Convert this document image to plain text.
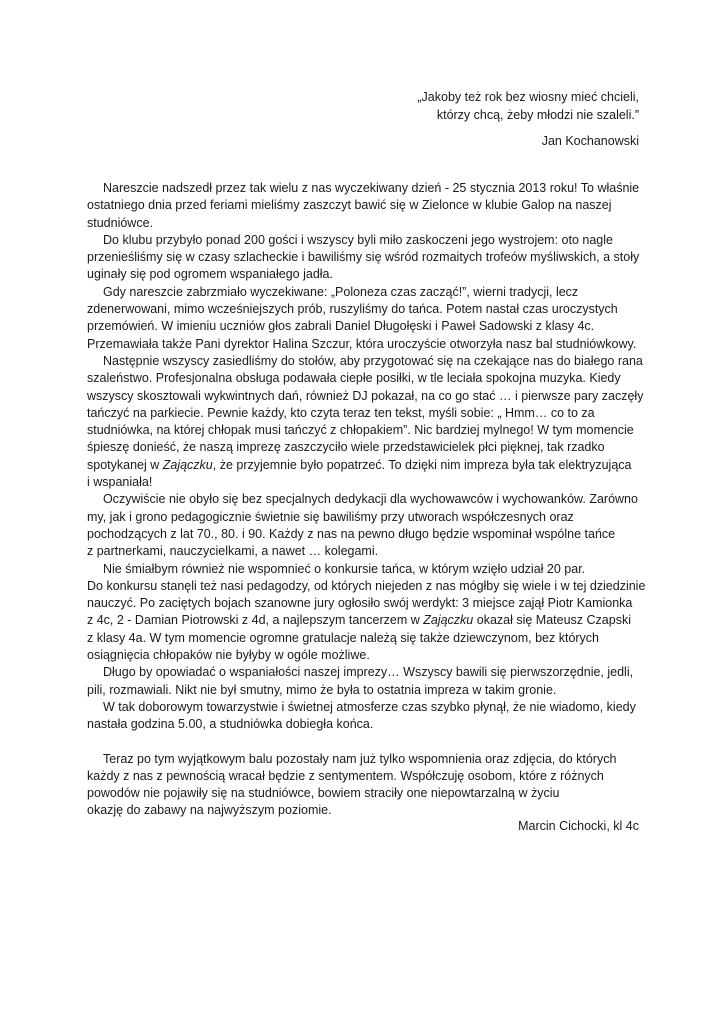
„Jakoby też rok bez wiosny mieć chcieli,
którzy chcą, żeby młodzi nie szaleli.”
Jan Kochanowski
Nareszcie nadszedł przez tak wielu z nas wyczekiwany dzień - 25 stycznia 2013 roku! To właśnie
ostatniego dnia przed feriami mieliśmy zaszczyt bawić się w Zielonce w klubie Galop na naszej
studniówce.
Do klubu przybyło ponad 200 gości i wszyscy byli miło zaskoczeni jego wystrojem: oto nagle
przenieśliśmy się w czasy szlacheckie i bawiliśmy się wśród rozmaitych trofeów myśliwskich, a stoły
uginały się pod ogromem wspaniałego jadła.
Gdy nareszcie zabrzmiało wyczekiwane: „Poloneza czas zacząć!”, wierni tradycji, lecz
zdenerwowani, mimo wcześniejszych prób, ruszyliśmy do tańca. Potem nastał czas uroczystych
przemówień. W imieniu uczniów głos zabrali Daniel Długołęski i Paweł Sadowski z klasy 4c.
Przemawiała także Pani dyrektor Halina Szczur, która uroczyście otworzyła nasz bal studniówkowy.
Następnie wszyscy zasiedliśmy do stołów, aby przygotować się na czekające nas do białego rana
szaleństwo. Profesjonalna obsługa podawała ciepłe posiłki, w tle leciała spokojna muzyka. Kiedy
wszyscy skosztowali wykwintnych dań, również DJ pokazał, na co go stać … i pierwsze pary zaczęły
tańczyć na parkiecie. Pewnie każdy, kto czyta teraz ten tekst, myśli sobie: „ Hmm… co to za
studniówka, na której chłopak musi tańczyć z chłopakiem”. Nic bardziej mylnego! W tym momencie
śpieszę donieść, że naszą imprezę zaszczyciło wiele przedstawicielek płci pięknej, tak rzadko
spotykanej w Zajączku, że przyjemnie było popatrzeć. To dzięki nim impreza była tak elektryzująca
i wspaniała!
Oczywiście nie obyło się bez specjalnych dedykacji dla wychowawców i wychowanków. Zarówno
my, jak i grono pedagogicznie świetnie się bawiliśmy przy utworach współczesnych oraz
pochodzących z lat 70., 80. i 90. Każdy z nas na pewno długo będzie wspominał wspólne tańce
z partnerkami, nauczycielkami, a nawet … kolegami.
Nie śmiałbym również nie wspomnieć o konkursie tańca, w którym wzięło udział 20 par.
Do konkursu stanęli też nasi pedagodzy, od których niejeden z nas mógłby się wiele i w tej dziedzinie
nauczyć. Po zaciętych bojach szanowne jury ogłosiło swój werdykt: 3 miejsce zajął Piotr Kamionka
z 4c, 2 - Damian Piotrowski z 4d, a najlepszym tancerzem w Zajączku okazał się Mateusz Czapski
z klasy 4a. W tym momencie ogromne gratulacje należą się także dziewczynom, bez których
osiągnięcia chłopaków nie byłyby w ogóle możliwe.
Długo by opowiadać o wspaniałości naszej imprezy… Wszyscy bawili się pierwszorzędnie, jedli,
pili, rozmawiali. Nikt nie był smutny, mimo że była to ostatnia impreza w takim gronie.
W tak doborowym towarzystwie i świetnej atmosferze czas szybko płynął, że nie wiadomo, kiedy
nastała godzina 5.00, a studniówka dobiegła końca.
Teraz po tym wyjątkowym balu pozostały nam już tylko wspomnienia oraz zdjęcia, do których
każdy z nas z pewnością wracał będzie z sentymentem. Współczuję osobom, które z różnych
powodów nie pojawiły się na studniówce, bowiem straciły one niepowtarzalną w życiu
okazję do zabawy na najwyższym poziomie.
Marcin Cichocki, kl 4c
